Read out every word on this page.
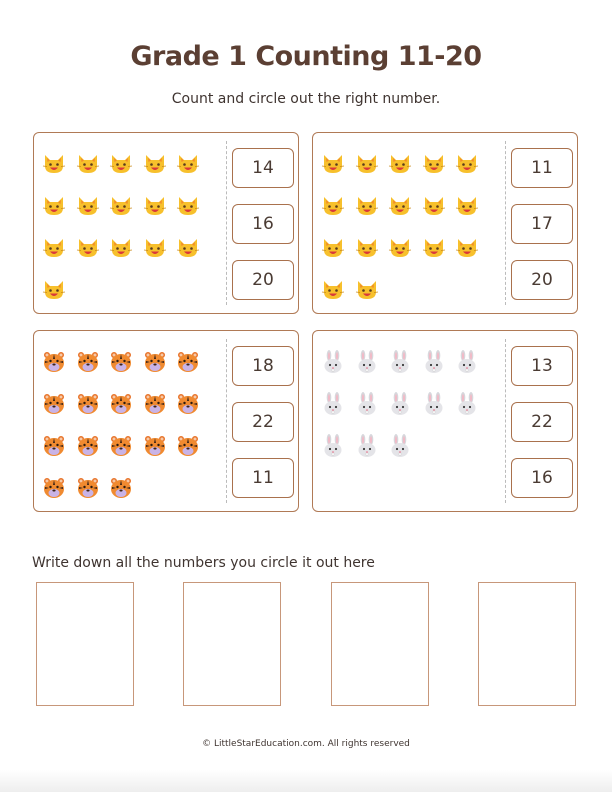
Grade 1 Counting 11-20
Count and circle out the right number.
14
16
20
11
17
20
18
22
11
13
22
16
Write down all the numbers you circle it out here
© LittleStarEducation.com. All rights reserved
